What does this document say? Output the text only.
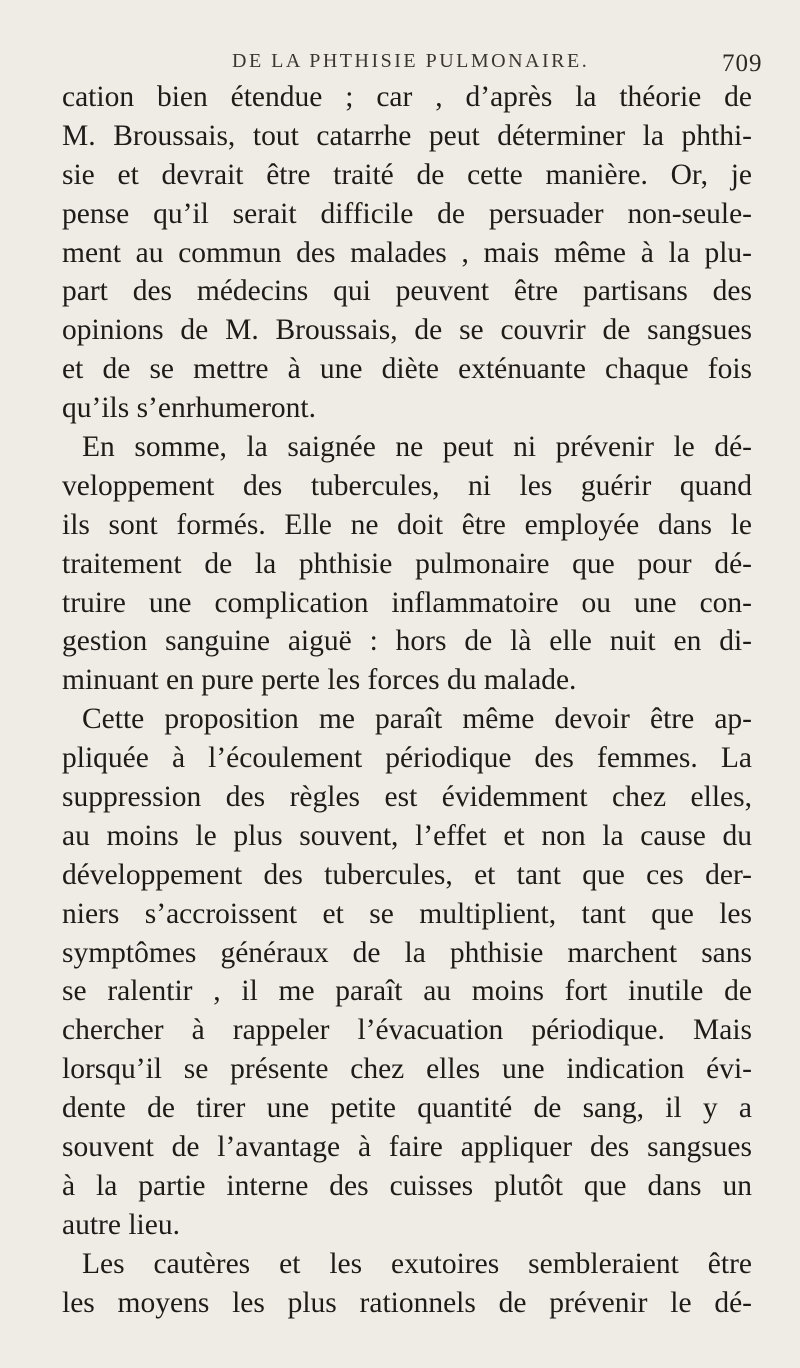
DE LA PHTHISIE PULMONAIRE.	709
cation bien étendue ; car , d’après la théorie de
M. Broussais, tout catarrhe peut déterminer la phthi-
sie et devrait être traité de cette manière. Or, je
pense qu’il serait difficile de persuader non-seule-
ment au commun des malades , mais même à la plu-
part des médecins qui peuvent être partisans des
opinions de M. Broussais, de se couvrir de sangsues
et de se mettre à une diète exténuante chaque fois
qu’ils s’enrhumeront.
En somme, la saignée ne peut ni prévenir le dé-
veloppement des tubercules, ni les guérir quand
ils sont formés. Elle ne doit être employée dans le
traitement de la phthisie pulmonaire que pour dé-
truire une complication inflammatoire ou une con-
gestion sanguine aiguë : hors de là elle nuit en di-
minuant en pure perte les forces du malade.
Cette proposition me paraît même devoir être ap-
pliquée à l’écoulement périodique des femmes. La
suppression des règles est évidemment chez elles,
au moins le plus souvent, l’effet et non la cause du
développement des tubercules, et tant que ces der-
niers s’accroissent et se multiplient, tant que les
symptômes généraux de la phthisie marchent sans
se ralentir , il me paraît au moins fort inutile de
chercher à rappeler l’évacuation périodique. Mais
lorsqu’il se présente chez elles une indication évi-
dente de tirer une petite quantité de sang, il y a
souvent de l’avantage à faire appliquer des sangsues
à la partie interne des cuisses plutôt que dans un
autre lieu.
Les cautères et les exutoires sembleraient être
les moyens les plus rationnels de prévenir le dé-
